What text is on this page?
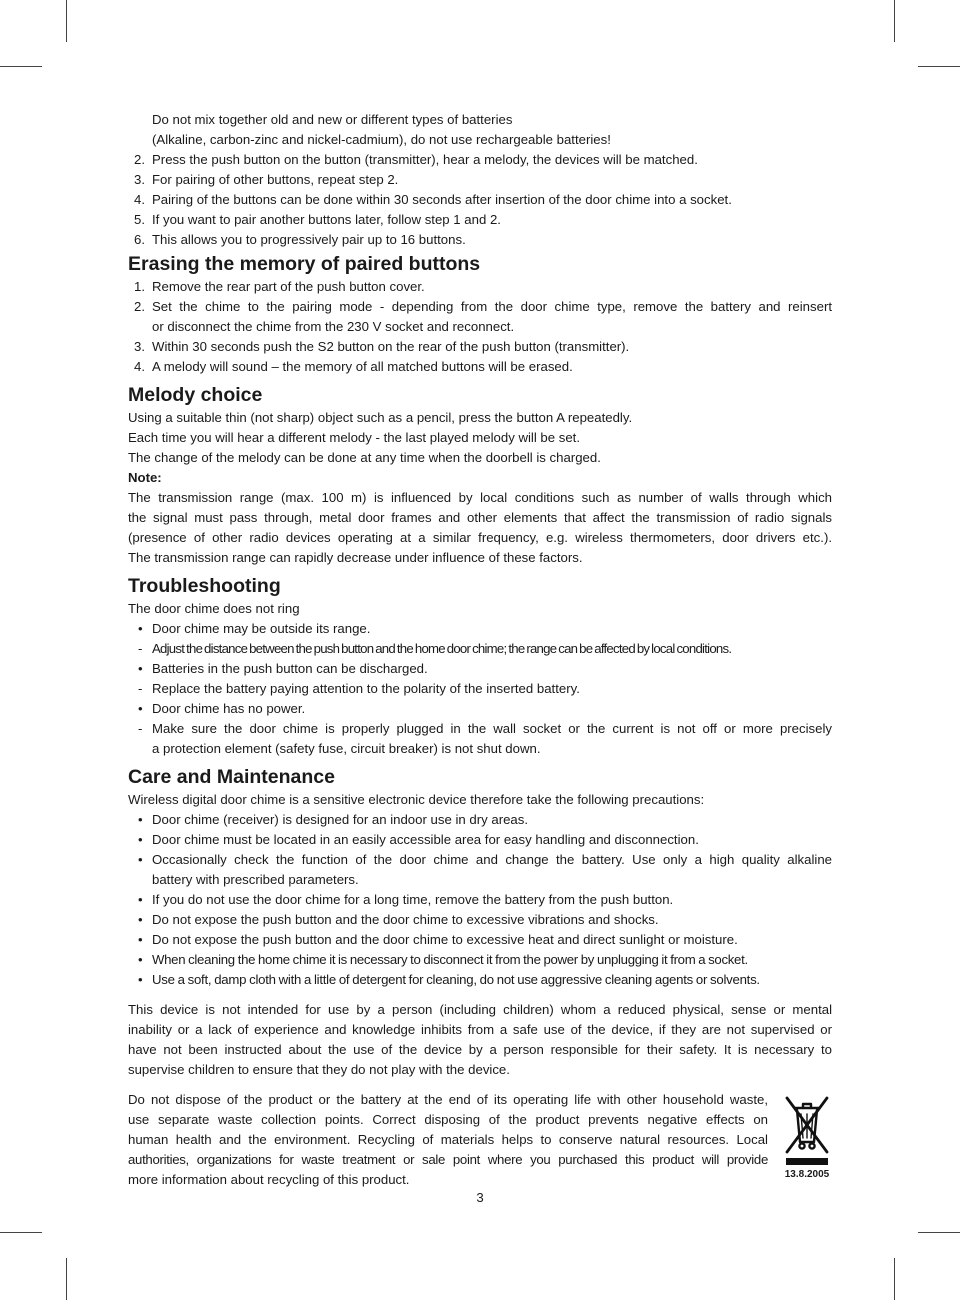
Do not mix together old and new or different types of batteries
(Alkaline, carbon-zinc and nickel-cadmium), do not use rechargeable batteries!
2. Press the push button on the button (transmitter), hear a melody, the devices will be matched.
3. For pairing of other buttons, repeat step 2.
4. Pairing of the buttons can be done within 30 seconds after insertion of the door chime into a socket.
5. If you want to pair another buttons later, follow step 1 and 2.
6. This allows you to progressively pair up to 16 buttons.
Erasing the memory of paired buttons
1. Remove the rear part of the push button cover.
2. Set the chime to the pairing mode - depending from the door chime type, remove the battery and reinsert
or disconnect the chime from the 230 V socket and reconnect.
3. Within 30 seconds push the S2 button on the rear of the push button (transmitter).
4. A melody will sound – the memory of all matched buttons will be erased.
Melody choice
Using a suitable thin (not sharp) object such as a pencil, press the button A repeatedly.
Each time you will hear a different melody - the last played melody will be set.
The change of the melody can be done at any time when the doorbell is charged.
Note:
The transmission range (max. 100 m) is influenced by local conditions such as number of walls through which
the signal must pass through, metal door frames and other elements that affect the transmission of radio signals
(presence of other radio devices operating at a similar frequency, e.g. wireless thermometers, door drivers etc.).
The transmission range can rapidly decrease under influence of these factors.
Troubleshooting
The door chime does not ring
• Door chime may be outside its range.
- Adjust the distance between the push button and the home door chime; the range can be affected by local conditions.
• Batteries in the push button can be discharged.
- Replace the battery paying attention to the polarity of the inserted battery.
• Door chime has no power.
- Make sure the door chime is properly plugged in the wall socket or the current is not off or more precisely
a protection element (safety fuse, circuit breaker) is not shut down.
Care and Maintenance
Wireless digital door chime is a sensitive electronic device therefore take the following precautions:
• Door chime (receiver) is designed for an indoor use in dry areas.
• Door chime must be located in an easily accessible area for easy handling and disconnection.
• Occasionally check the function of the door chime and change the battery. Use only a high quality alkaline
battery with prescribed parameters.
• If you do not use the door chime for a long time, remove the battery from the push button.
• Do not expose the push button and the door chime to excessive vibrations and shocks.
• Do not expose the push button and the door chime to excessive heat and direct sunlight or moisture.
• When cleaning the home chime it is necessary to disconnect it from the power by unplugging it from a socket.
• Use a soft, damp cloth with a little of detergent for cleaning, do not use aggressive cleaning agents or solvents.
This device is not intended for use by a person (including children) whom a reduced physical, sense or mental
inability or a lack of experience and knowledge inhibits from a safe use of the device, if they are not supervised or
have not been instructed about the use of the device by a person responsible for their safety. It is necessary to
supervise children to ensure that they do not play with the device.
Do not dispose of the product or the battery at the end of its operating life with other household waste,
use separate waste collection points. Correct disposing of the product prevents negative effects on
human health and the environment. Recycling of materials helps to conserve natural resources. Local
authorities, organizations for waste treatment or sale point where you purchased this product will provide
more information about recycling of this product.	13.8.2005
3
